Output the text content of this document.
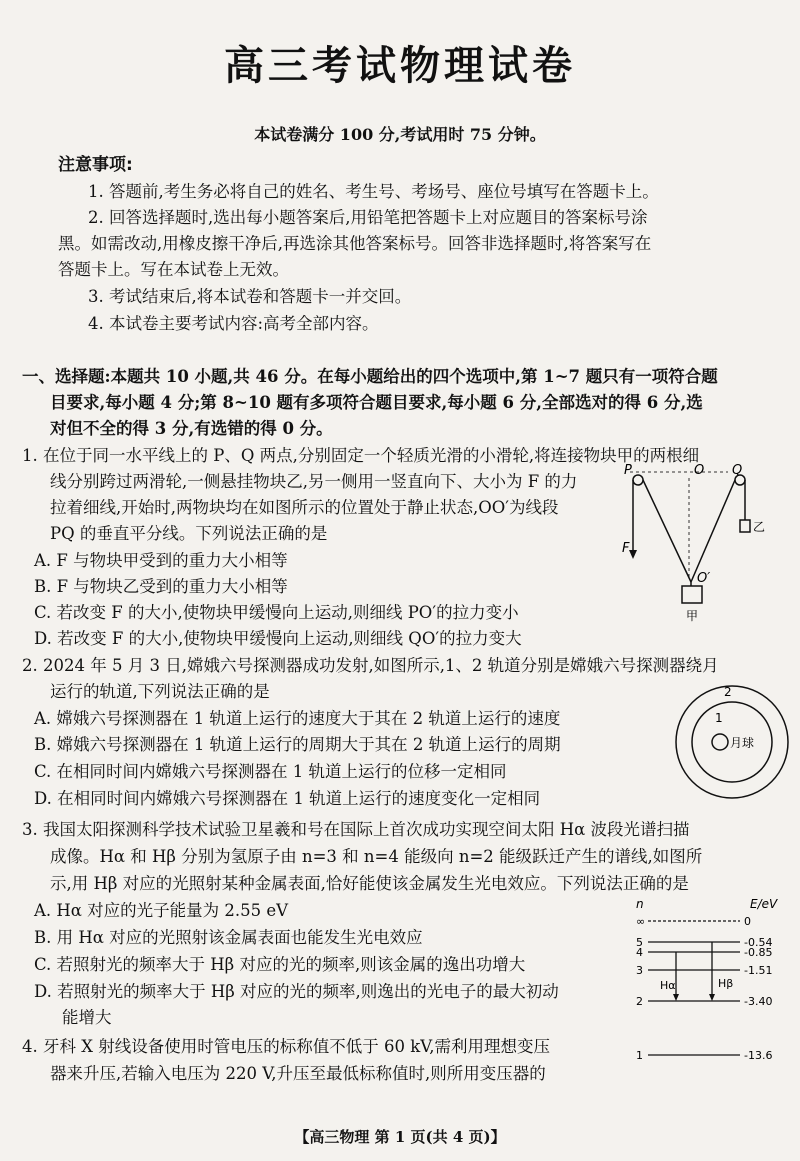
高三考试物理试卷
本试卷满分 100 分,考试用时 75 分钟。
注意事项:
1. 答题前,考生务必将自己的姓名、考生号、考场号、座位号填写在答题卡上。
2. 回答选择题时,选出每小题答案后,用铅笔把答题卡上对应题目的答案标号涂
黑。如需改动,用橡皮擦干净后,再选涂其他答案标号。回答非选择题时,将答案写在
答题卡上。写在本试卷上无效。
3. 考试结束后,将本试卷和答题卡一并交回。
4. 本试卷主要考试内容:高考全部内容。
一、选择题:本题共 10 小题,共 46 分。在每小题给出的四个选项中,第 1~7 题只有一项符合题
目要求,每小题 4 分;第 8~10 题有多项符合题目要求,每小题 6 分,全部选对的得 6 分,选
对但不全的得 3 分,有选错的得 0 分。
1. 在位于同一水平线上的 P、Q 两点,分别固定一个轻质光滑的小滑轮,将连接物块甲的两根细
线分别跨过两滑轮,一侧悬挂物块乙,另一侧用一竖直向下、大小为 F 的力
拉着细线,开始时,两物块均在如图所示的位置处于静止状态,OO′为线段
PQ 的垂直平分线。下列说法正确的是
A. F 与物块甲受到的重力大小相等
B. F 与物块乙受到的重力大小相等
C. 若改变 F 的大小,使物块甲缓慢向上运动,则细线 PO′的拉力变小
D. 若改变 F 的大小,使物块甲缓慢向上运动,则细线 QO′的拉力变大
P	O Q
F
O′
甲
乙
2. 2024 年 5 月 3 日,嫦娥六号探测器成功发射,如图所示,1、2 轨道分别是嫦娥六号探测器绕月
运行的轨道,下列说法正确的是
A. 嫦娥六号探测器在 1 轨道上运行的速度大于其在 2 轨道上运行的速度
B. 嫦娥六号探测器在 1 轨道上运行的周期大于其在 2 轨道上运行的周期
C. 在相同时间内嫦娥六号探测器在 1 轨道上运行的位移一定相同
D. 在相同时间内嫦娥六号探测器在 1 轨道上运行的速度变化一定相同
1
2
月球
3. 我国太阳探测科学技术试验卫星羲和号在国际上首次成功实现空间太阳 Hα 波段光谱扫描
成像。Hα 和 Hβ 分别为氢原子由 n=3 和 n=4 能级向 n=2 能级跃迁产生的谱线,如图所
示,用 Hβ 对应的光照射某种金属表面,恰好能使该金属发生光电效应。下列说法正确的是
A. Hα 对应的光子能量为 2.55 eV
B. 用 Hα 对应的光照射该金属表面也能发生光电效应
C. 若照射光的频率大于 Hβ 对应的光的频率,则该金属的逸出功增大
D. 若照射光的频率大于 Hβ 对应的光的频率,则逸出的光电子的最大初动
能增大
n	E/eV
∞	0
5	-0.54
4	-0.85
3	-1.51
2	-3.40
1	-13.6
Hα	Hβ
4. 牙科 X 射线设备使用时管电压的标称值不低于 60 kV,需利用理想变压
器来升压,若输入电压为 220 V,升压至最低标称值时,则所用变压器的
【高三物理 第 1 页(共 4 页)】
